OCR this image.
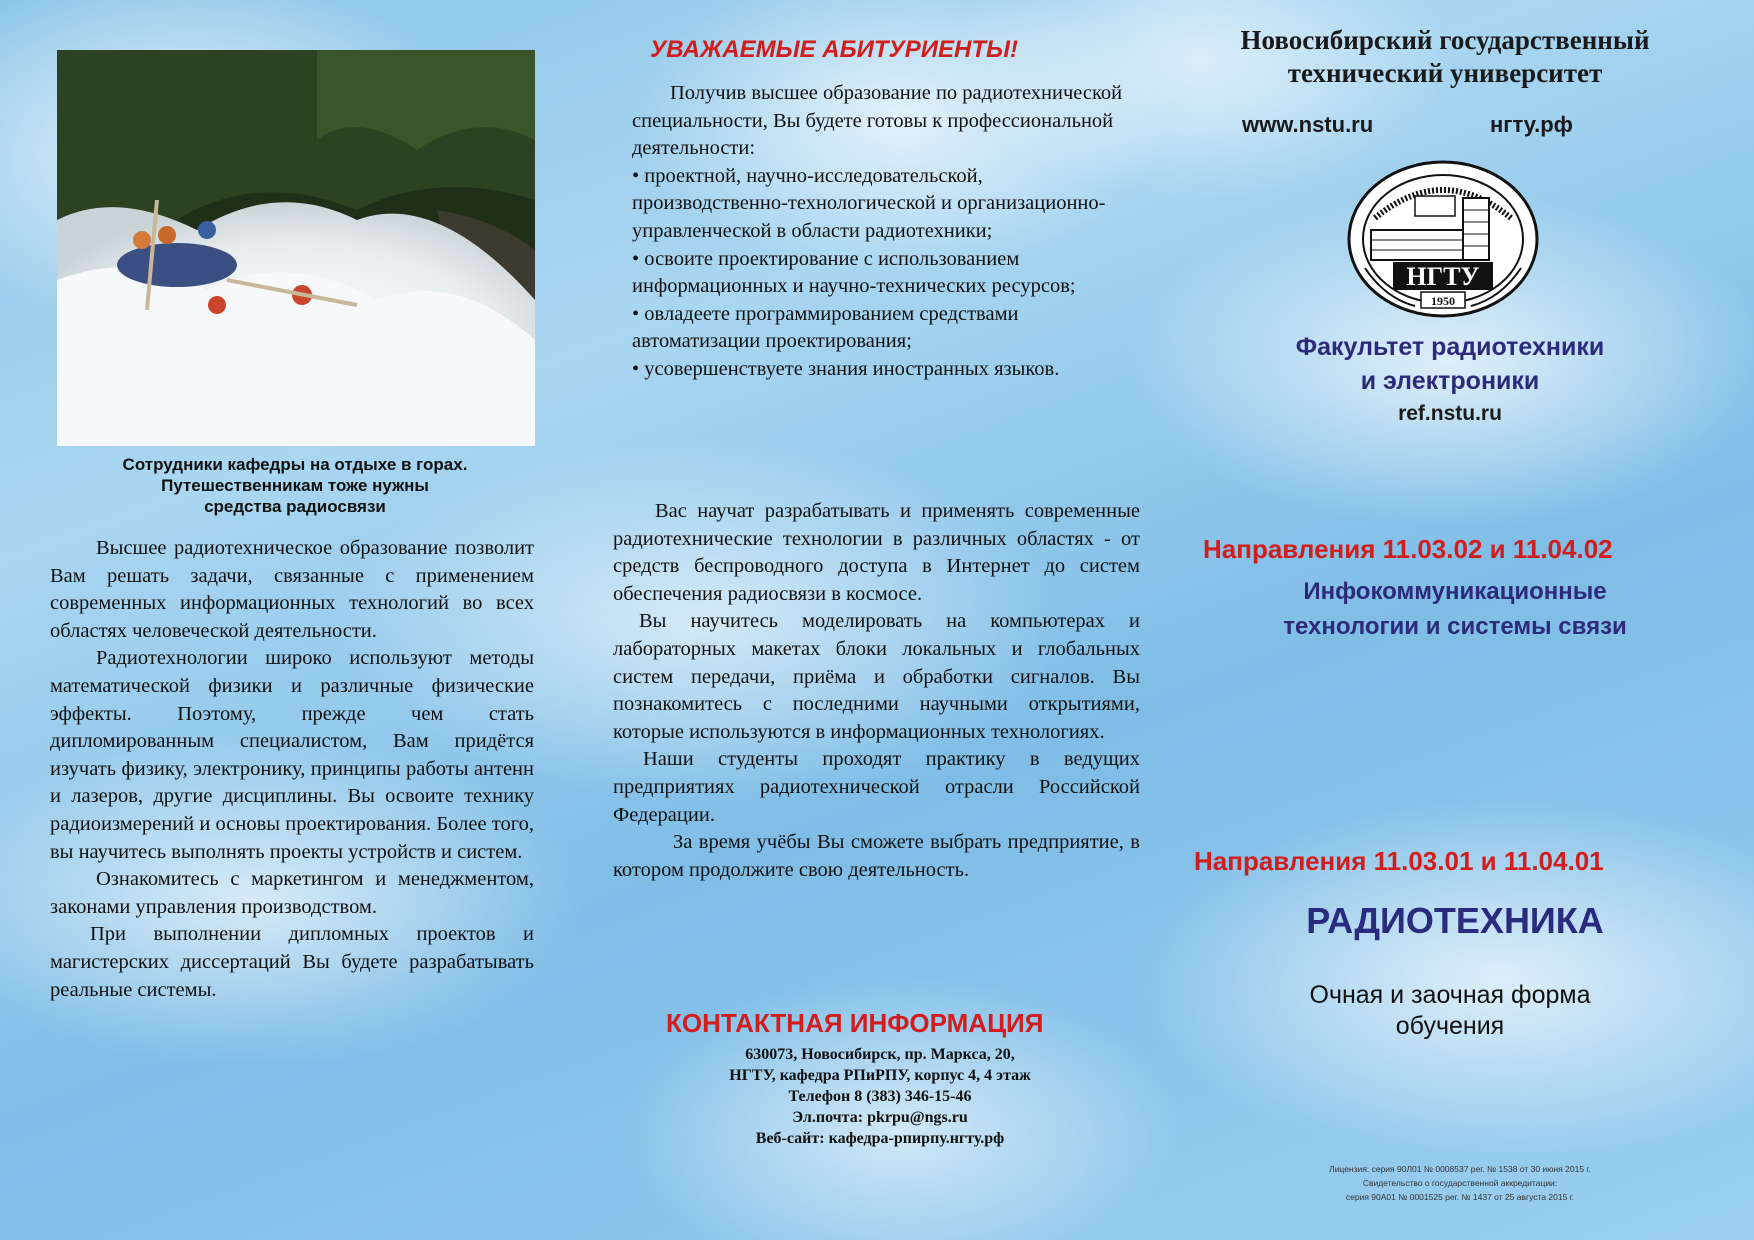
Сотрудники кафедры на отдыхе в горах.
Путешественникам тоже нужны
средства радиосвязи

Высшее радиотехническое образование позволит Вам решать задачи, связанные с применением современных информационных технологий во всех областях человеческой деятельности.

Радиотехнологии широко используют методы математической физики и различные физические эффекты. Поэтому, прежде чем стать дипломированным специалистом, Вам придётся изучать физику, электронику, принципы работы антенн и лазеров, другие дисциплины. Вы освоите технику радиоизмерений и основы проектирования. Более того, вы научитесь выполнять проекты устройств и систем.

Ознакомитесь с маркетингом и менеджментом, законами управления производством.

При выполнении дипломных проектов и магистерских диссертаций Вы будете разрабатывать реальные системы.

УВАЖАЕМЫЕ АБИТУРИЕНТЫ!

Получив высшее образование по радиотехнической специальности, Вы будете готовы к профессиональной деятельности:

• проектной, научно-исследовательской, производственно-технологической и организационно-управленческой в области радиотехники;

• освоите проектирование с использованием информационных и научно-технических ресурсов;

• овладеете программированием средствами автоматизации проектирования;

• усовершенствуете знания иностранных языков.

Вас научат разрабатывать и применять современные радиотехнические технологии в различных областях - от средств беспроводного доступа в Интернет до систем обеспечения радиосвязи в космосе.

Вы научитесь моделировать на компьютерах и лабораторных макетах блоки локальных и глобальных систем передачи, приёма и обработки сигналов. Вы познакомитесь с последними научными открытиями, которые используются в информационных технологиях.

Наши студенты проходят практику в ведущих предприятиях радиотехнической отрасли Российской Федерации.

За время учёбы Вы сможете выбрать предприятие, в котором продолжите свою деятельность.

КОНТАКТНАЯ ИНФОРМАЦИЯ
630073, Новосибирск, пр. Маркса, 20,
НГТУ, кафедра РПиРПУ, корпус 4, 4 этаж
Телефон 8 (383) 346-15-46
Эл.почта: pkrpu@ngs.ru
Веб-сайт: кафедра-рпирпу.нгту.рф
Новосибирский государственный
технический университет
www.nstu.ru	нгту.рф
НГТУ
1950
Факультет радиотехники
и электроники
ref.nstu.ru
Направления 11.03.02 и 11.04.02
Инфокоммуникационные
технологии и системы связи
Направления 11.03.01 и 11.04.01
РАДИОТЕХНИКА
Очная и заочная форма
обучения
Лицензия: серия 90Л01 № 0008537 рег. № 1538 от 30 июня 2015 г.
Свидетельство о государственной аккредитации:
серия 90А01 № 0001525 рег. № 1437 от 25 августа 2015 г.
